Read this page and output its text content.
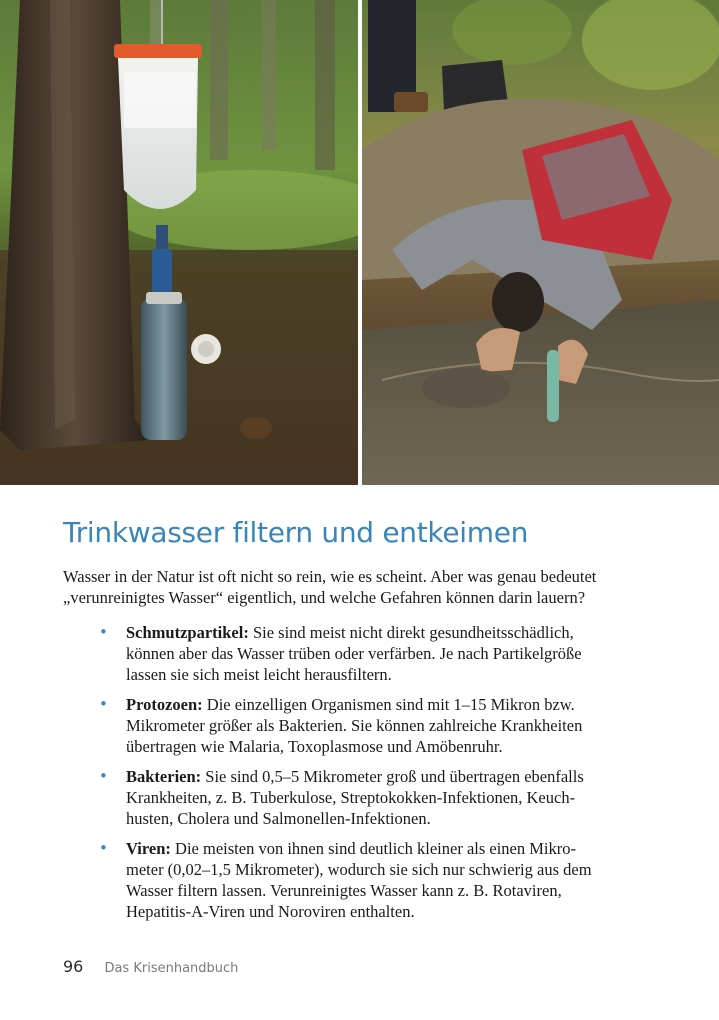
Trinkwasser filtern und entkeimen

Wasser in der Natur ist oft nicht so rein, wie es scheint. Aber was genau bedeutet
„verunreinigtes Wasser“ eigentlich, und welche Gefahren können darin lauern?

• Schmutzpartikel: Sie sind meist nicht direkt gesundheitsschädlich,
können aber das Wasser trüben oder verfärben. Je nach Partikelgröße
lassen sie sich meist leicht herausfiltern.
• Protozoen: Die einzelligen Organismen sind mit 1–15 Mikron bzw.
Mikrometer größer als Bakterien. Sie können zahlreiche Krankheiten
übertragen wie Malaria, Toxoplasmose und Amöbenruhr.
• Bakterien: Sie sind 0,5–5 Mikrometer groß und übertragen ebenfalls
Krankheiten, z. B. Tuberkulose, Streptokokken-Infektionen, Keuch-
husten, Cholera und Salmonellen-Infektionen.
• Viren: Die meisten von ihnen sind deutlich kleiner als einen Mikro-
meter (0,02–1,5 Mikrometer), wodurch sie sich nur schwierig aus dem
Wasser filtern lassen. Verunreinigtes Wasser kann z. B. Rotaviren,
Hepatitis-A-Viren und Noroviren enthalten.
96 Das Krisenhandbuch
